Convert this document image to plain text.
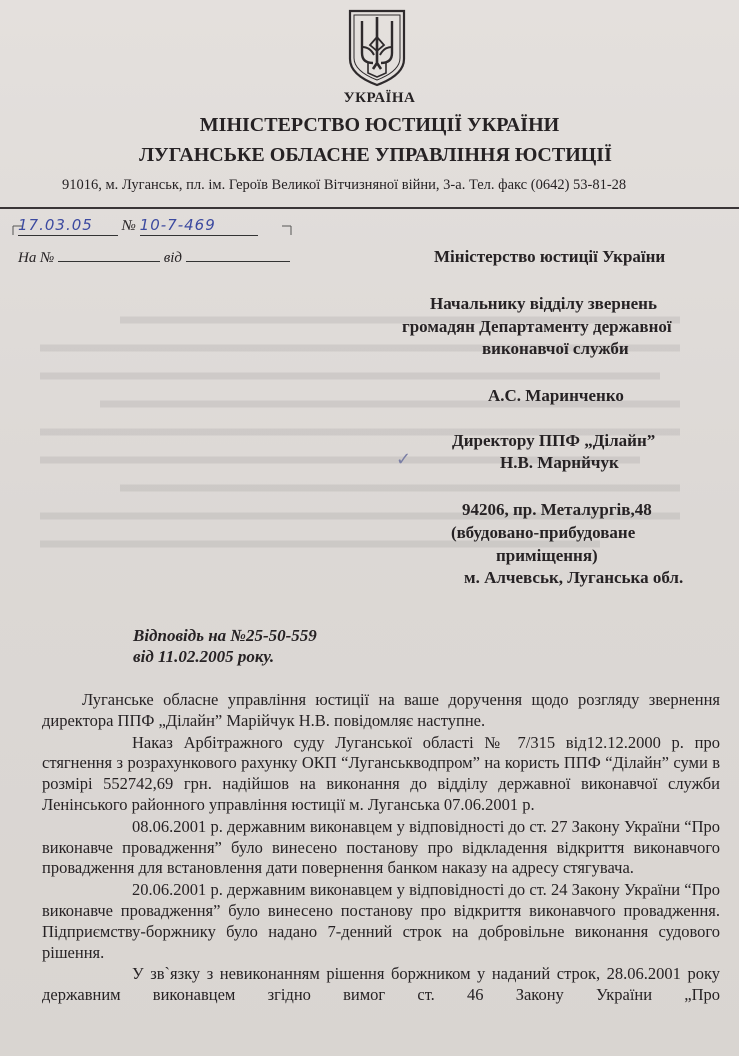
УКРАЇНА
МІНІСТЕРСТВО ЮСТИЦІЇ УКРАЇНИ
ЛУГАНСЬКЕ ОБЛАСНЕ УПРАВЛІННЯ ЮСТИЦІЇ
91016, м. Луганськ, пл. ім. Героїв Великої Вітчизняної війни, 3-а. Тел. факс (0642) 53-81-28
17.03.05 № 10-7-469
На №	від	Міністерство юстиції України
Начальнику відділу звернень
громадян Департаменту державної
виконавчої служби
А.С. Маринченко
Директору ППФ „Ділайн”
✓	Н.В. Марнйчук
94206, пр. Металургів,48
(вбудовано-прибудоване
приміщення)
м. Алчевськ, Луганська обл.
Відповідь на №25-50-559
від 11.02.2005 року.

Луганське обласне управління юстиції на ваше доручення щодо розгляду звернення директора ППФ „Ділайн” Марійчук Н.В. повідомляє наступне.

Наказ Арбітражного суду Луганської області № 7/315 від12.12.2000 р. про стягнення з розрахункового рахунку ОКП “Луганськводпром” на користь ППФ “Ділайн” суми в розмірі 552742,69 грн. надійшов на виконання до відділу державної виконавчої служби Ленінського районного управління юстиції м. Луганська 07.06.2001 р.

08.06.2001 р. державним виконавцем у відповідності до ст. 27 Закону України “Про виконавче провадження” було винесено постанову про відкладення відкриття виконавчого провадження для встановлення дати повернення банком наказу на адресу стягувача.

20.06.2001 р. державним виконавцем у відповідності до ст. 24 Закону України “Про виконавче провадження” було винесено постанову про відкриття виконавчого провадження. Підприємству-боржнику було надано 7-денний строк на добровільне виконання судового рішення.

У зв`язку з невиконанням рішення боржником у наданий строк, 28.06.2001 року державним виконавцем згідно вимог ст. 46 Закону України „Про
